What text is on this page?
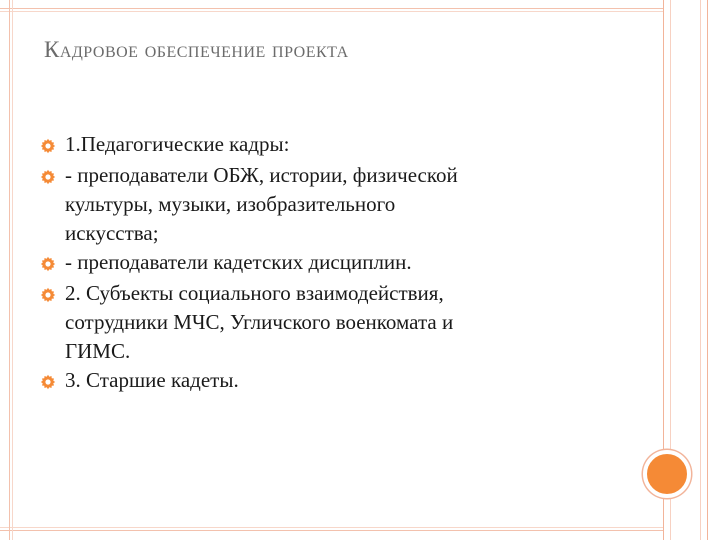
Кадровое обеспечение проекта
1.Педагогические кадры:
- преподаватели ОБЖ, истории, физической
культуры, музыки, изобразительного
искусства;
- преподаватели кадетских дисциплин.
2. Субъекты социального взаимодействия,
сотрудники МЧС, Угличского военкомата и
ГИМС.
3. Старшие кадеты.
